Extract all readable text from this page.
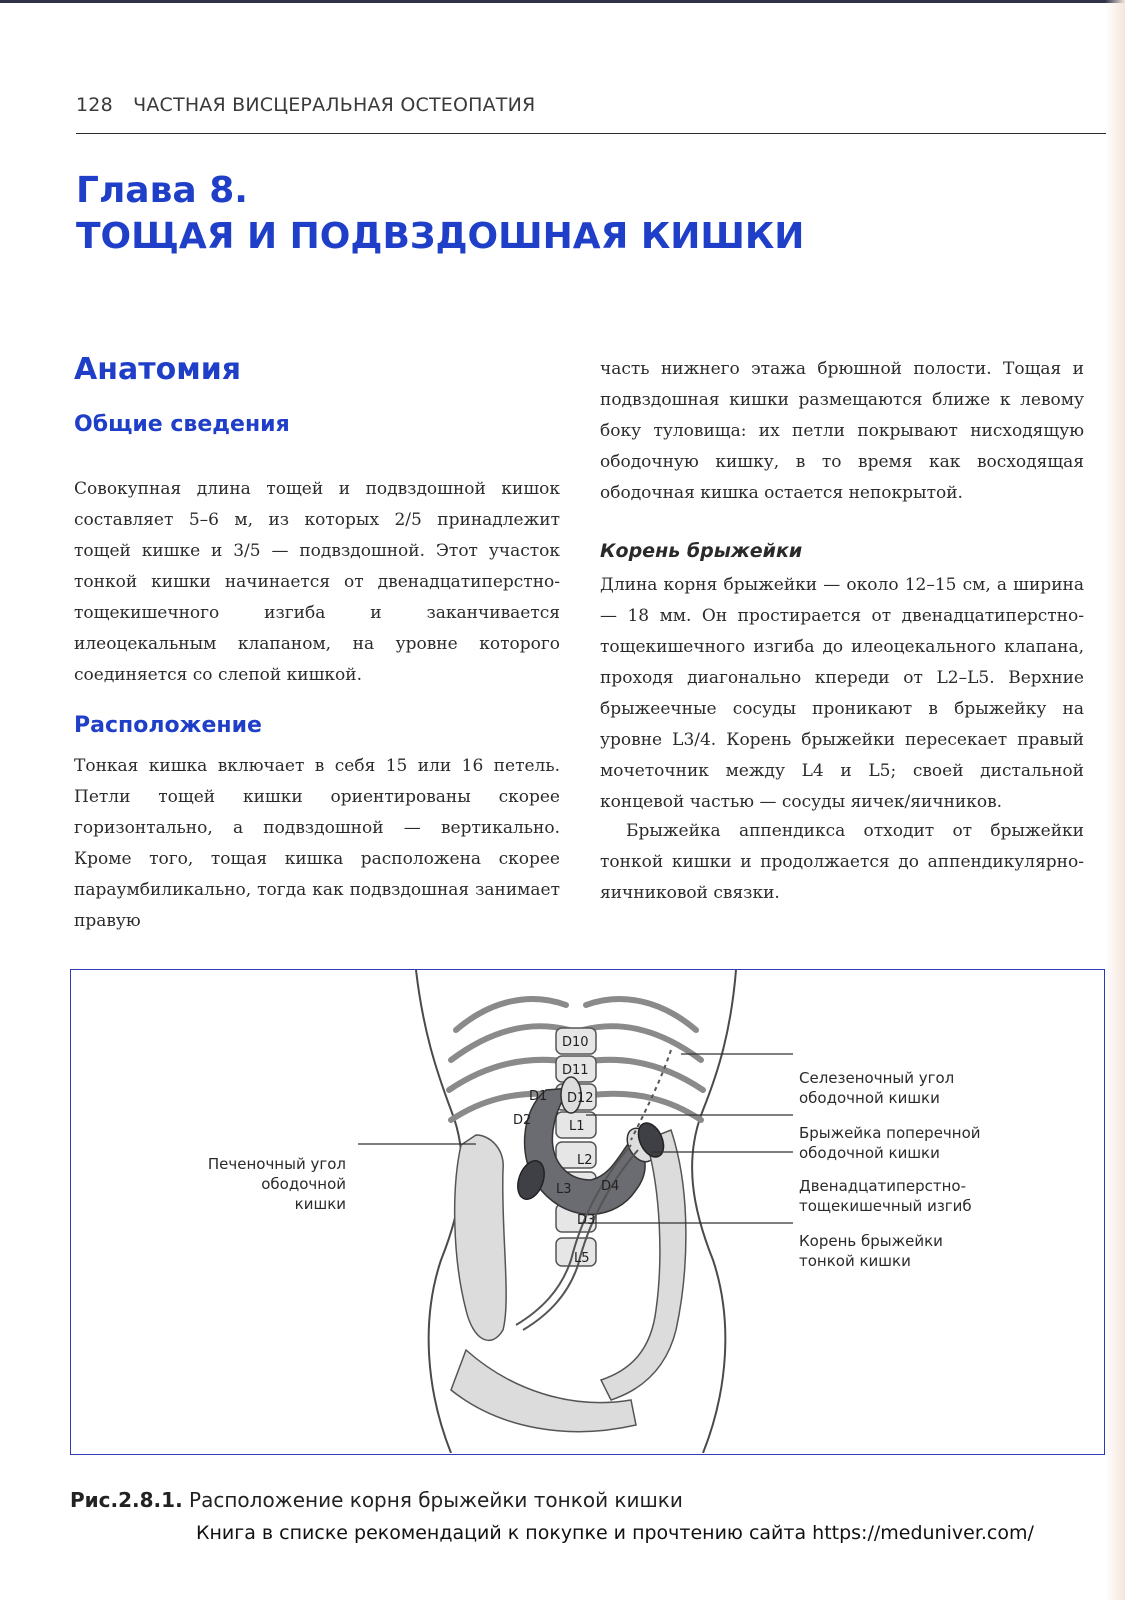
128 ЧАСТНАЯ ВИСЦЕРАЛЬНАЯ ОСТЕОПАТИЯ
Глава 8.
ТОЩАЯ И ПОДВЗДОШНАЯ КИШКИ
Анатомия
Общие сведения

Совокупная длина тощей и подвздошной кишок составляет 5–6 м, из которых 2/5 принадлежит тощей кишке и 3/5 — подвздошной. Этот участок тонкой кишки начинается от двенадцатиперстно-тощекишечного изгиба и заканчивается илеоцекальным клапаном, на уровне которого соединяется со слепой кишкой.

Расположение

Тонкая кишка включает в себя 15 или 16 петель. Петли тощей кишки ориентированы скорее горизонтально, а подвздошной — вертикально. Кроме того, тощая кишка расположена скорее параумбиликально, тогда как подвздошная занимает правую

часть нижнего этажа брюшной полости. Тощая и подвздошная кишки размещаются ближе к левому боку туловища: их петли покрывают нисходящую ободочную кишку, в то время как восходящая ободочная кишка остается непокрытой.

Корень брыжейки

Длина корня брыжейки — около 12–15 см, а ширина — 18 мм. Он простирается от двенадцатиперстно-тощекишечного изгиба до илеоцекального клапана, проходя диагонально кпереди от L2–L5. Верхние брыжеечные сосуды проникают в брыжейку на уровне L3/4. Корень брыжейки пересекает правый мочеточник между L4 и L5; своей дистальной концевой частью — сосуды яичек/яичников.

Брыжейка аппендикса отходит от брыжейки тонкой кишки и продолжается до аппендикулярно-яичниковой связки.

D10
D11
D12
L1
L2
L3
L5
D1
D2
D3
D4

Печеночный угол
ободочной кишки

Селезеночный угол
ободочной кишки

Брыжейка поперечной
ободочной кишки

Двенадцатиперстно-
тощекишечный изгиб

Корень брыжейки
тонкой кишки

Рис.2.8.1. Расположение корня брыжейки тонкой кишки

Книга в списке рекомендаций к покупке и прочтению сайта https://meduniver.com/
